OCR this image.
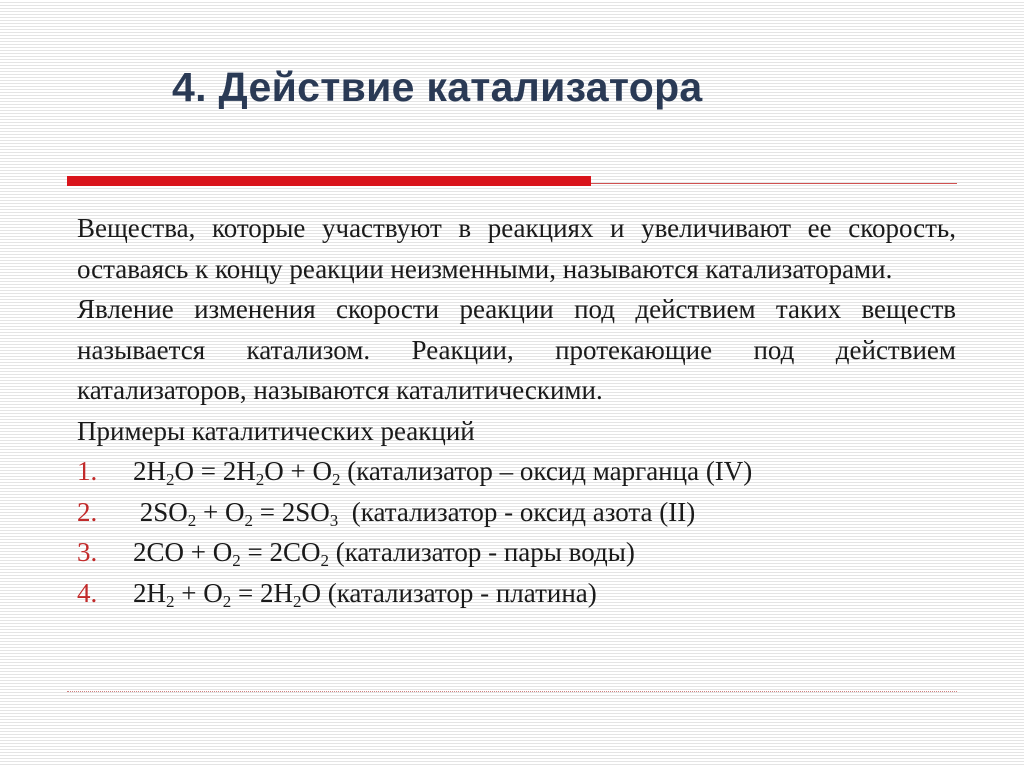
4. Действие катализатора

Вещества, которые участвуют в реакциях и увеличивают ее скорость, оставаясь к концу реакции неизменными, называются катализаторами.

Явление изменения скорости реакции под действием таких веществ называется катализом. Реакции, протекающие под действием катализаторов, называются каталитическими.

Примеры каталитических реакций

1.	$2H_2O = 2H_2O + O_2$ (катализатор – оксид марганца (IV)
2.	$2SO_2 + O_2 = 2SO_3$  (катализатор - оксид азота (II)
3.	$2CO + O_2 = 2CO_2$ (катализатор - пары воды)
4.	$2H_2 + O_2 = 2H_2O$ (катализатор - платина)
